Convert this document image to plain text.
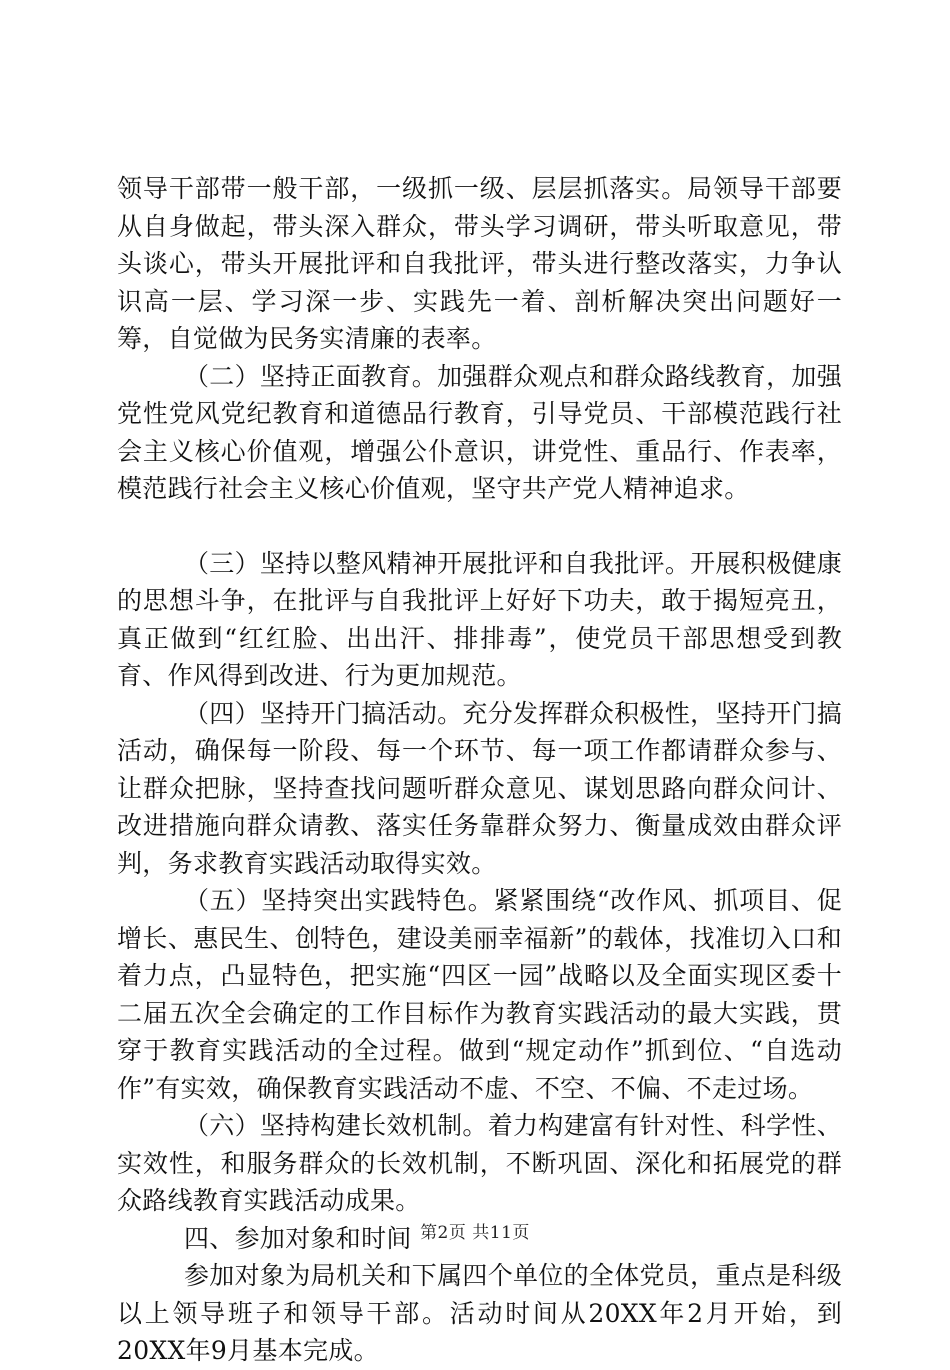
领导干部带一般干部，一级抓一级、层层抓落实。局领导干部要从自身做起，带头深入群众，带头学习调研，带头听取意见，带头谈心，带头开展批评和自我批评，带头进行整改落实，力争认识高一层、学习深一步、实践先一着、剖析解决突出问题好一筹，自觉做为民务实清廉的表率。

（二）坚持正面教育。加强群众观点和群众路线教育，加强党性党风党纪教育和道德品行教育，引导党员、干部模范践行社会主义核心价值观，增强公仆意识，讲党性、重品行、作表率，模范践行社会主义核心价值观，坚守共产党人精神追求。

（三）坚持以整风精神开展批评和自我批评。开展积极健康的思想斗争，在批评与自我批评上好好下功夫，敢于揭短亮丑，真正做到“红红脸、出出汗、排排毒”，使党员干部思想受到教育、作风得到改进、行为更加规范。

（四）坚持开门搞活动。充分发挥群众积极性，坚持开门搞活动，确保每一阶段、每一个环节、每一项工作都请群众参与、让群众把脉，坚持查找问题听群众意见、谋划思路向群众问计、改进措施向群众请教、落实任务靠群众努力、衡量成效由群众评判，务求教育实践活动取得实效。

（五）坚持突出实践特色。紧紧围绕“改作风、抓项目、促增长、惠民生、创特色，建设美丽幸福新”的载体，找准切入口和着力点，凸显特色，把实施“四区一园”战略以及全面实现区委十二届五次全会确定的工作目标作为教育实践活动的最大实践，贯穿于教育实践活动的全过程。做到“规定动作”抓到位、“自选动作”有实效，确保教育实践活动不虚、不空、不偏、不走过场。

（六）坚持构建长效机制。着力构建富有针对性、科学性、实效性，和服务群众的长效机制，不断巩固、深化和拓展党的群众路线教育实践活动成果。

四、参加对象和时间

参加对象为局机关和下属四个单位的全体党员，重点是科级以上领导班子和领导干部。活动时间从20XX年2月开始，到20XX年9月基本完成。

第2页 共11页
